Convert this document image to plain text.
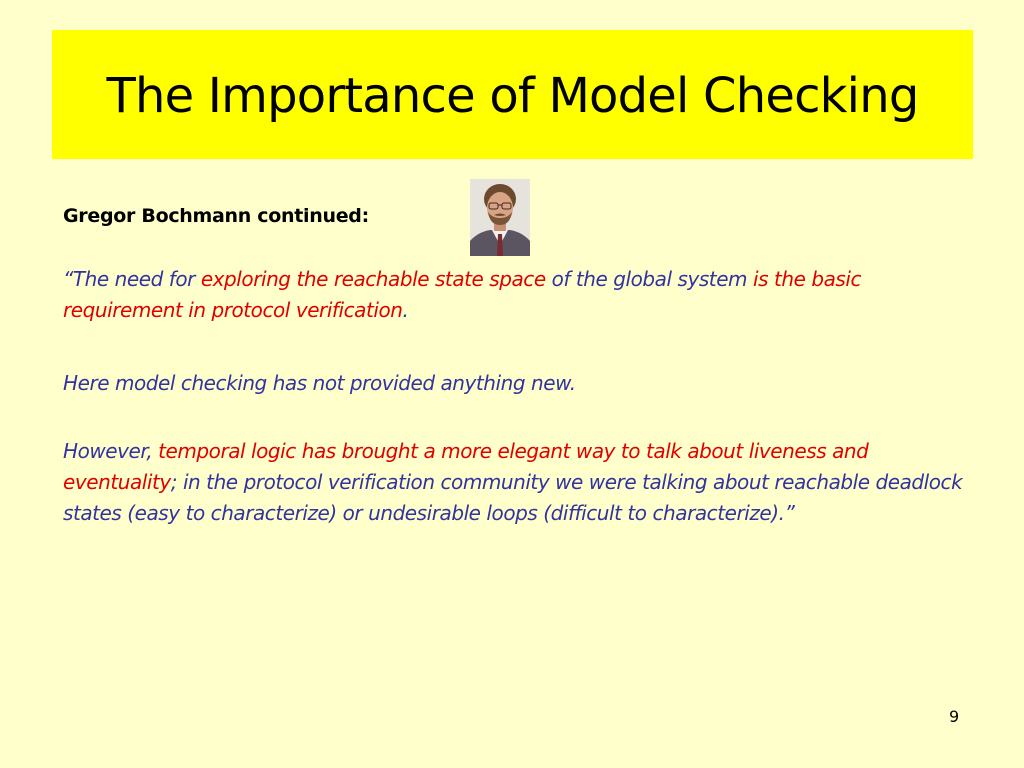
The Importance of Model Checking
Gregor Bochmann continued:
“The need for exploring the reachable state space of the global system is the basic requirement in protocol verification.
Here model checking has not provided anything new.
However, temporal logic has brought a more elegant way to talk about liveness and eventuality; in the protocol verification community we were talking about reachable deadlock states (easy to characterize) or undesirable loops (difficult to characterize).”
9
